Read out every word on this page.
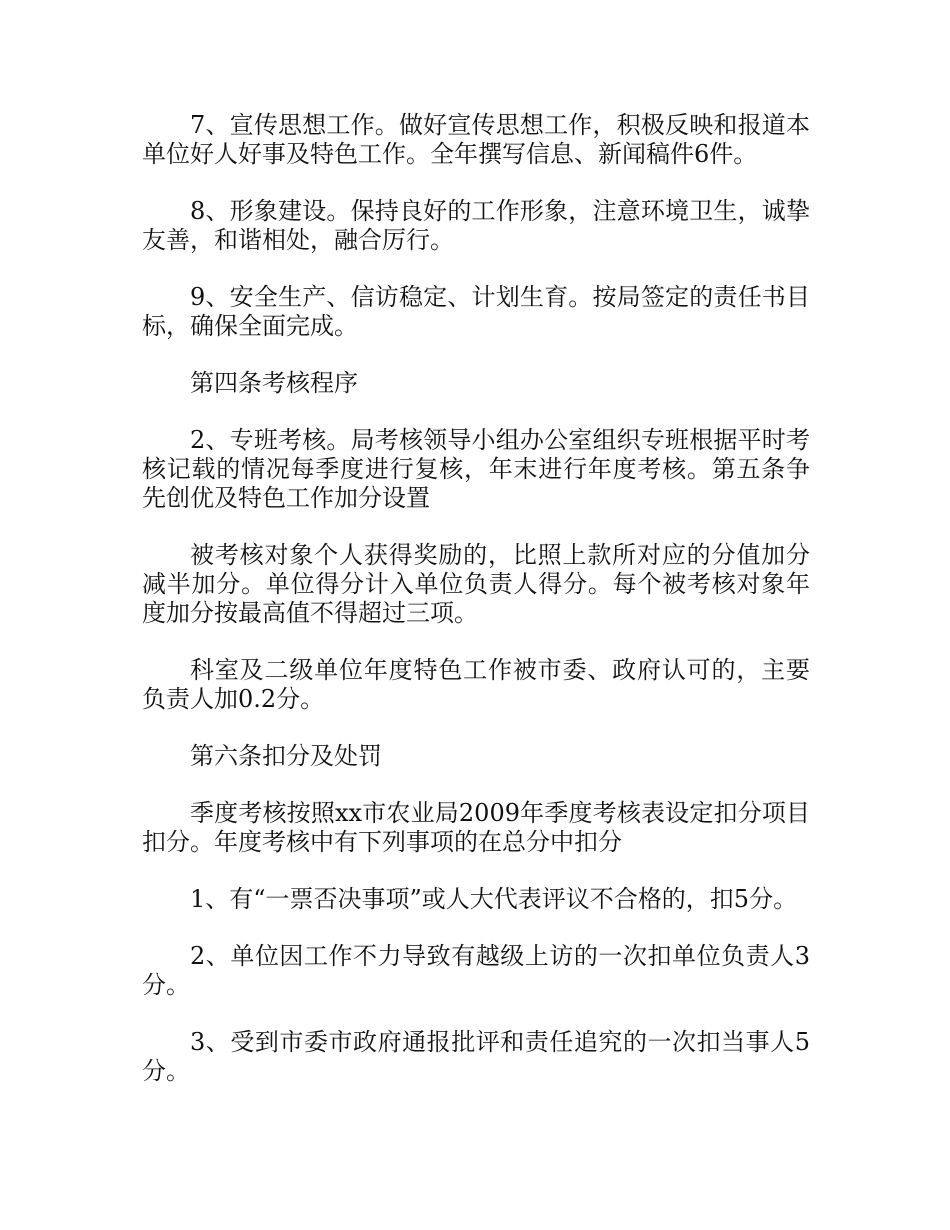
7、宣传思想工作。做好宣传思想工作，积极反映和报道本单位好人好事及特色工作。全年撰写信息、新闻稿件6件。

8、形象建设。保持良好的工作形象，注意环境卫生，诚挚友善，和谐相处，融合厉行。

9、安全生产、信访稳定、计划生育。按局签定的责任书目标，确保全面完成。

第四条考核程序

2、专班考核。局考核领导小组办公室组织专班根据平时考核记载的情况每季度进行复核，年末进行年度考核。第五条争先创优及特色工作加分设置

被考核对象个人获得奖励的，比照上款所对应的分值加分减半加分。单位得分计入单位负责人得分。每个被考核对象年度加分按最高值不得超过三项。

科室及二级单位年度特色工作被市委、政府认可的，主要负责人加0.2分。

第六条扣分及处罚

季度考核按照xx市农业局2009年季度考核表设定扣分项目扣分。年度考核中有下列事项的在总分中扣分

1、有“一票否决事项”或人大代表评议不合格的，扣5分。

2、单位因工作不力导致有越级上访的一次扣单位负责人3分。

3、受到市委市政府通报批评和责任追究的一次扣当事人5分。
